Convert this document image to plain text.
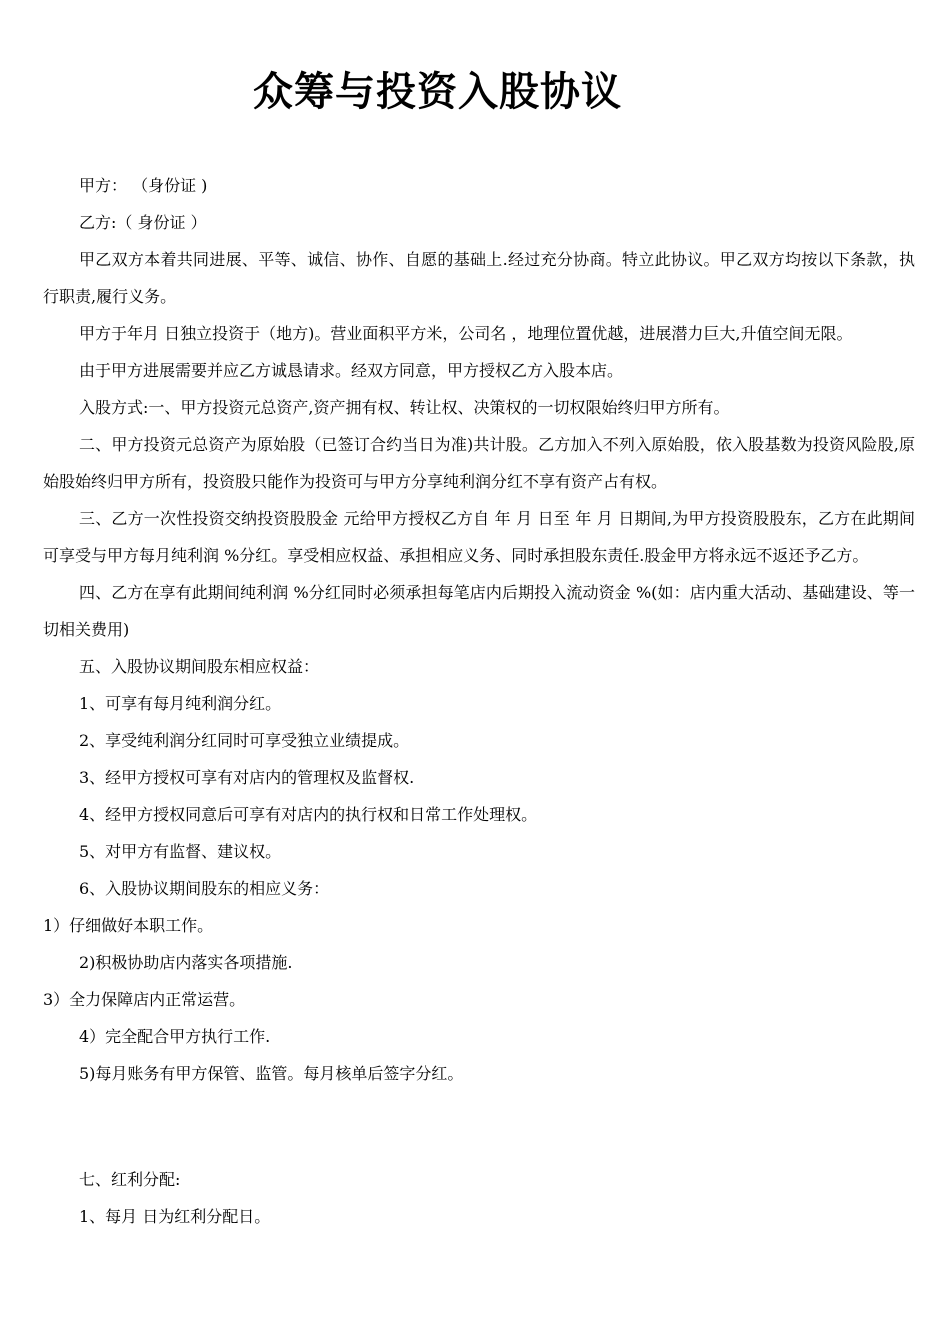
众筹与投资入股协议

甲方： （身份证 )

乙方:（ 身份证 ）

甲乙双方本着共同进展、平等、诚信、协作、自愿的基础上.经过充分协商。特立此协议。甲乙双方均按以下条款，执行职责,履行义务。

甲方于年月 日独立投资于（地方)。营业面积平方米，公司名 ，地理位置优越，进展潜力巨大,升值空间无限。

由于甲方进展需要并应乙方诚恳请求。经双方同意，甲方授权乙方入股本店。

入股方式:一、甲方投资元总资产,资产拥有权、转让权、决策权的一切权限始终归甲方所有。

二、甲方投资元总资产为原始股（已签订合约当日为准)共计股。乙方加入不列入原始股，依入股基数为投资风险股,原始股始终归甲方所有，投资股只能作为投资可与甲方分享纯利润分红不享有资产占有权。

三、乙方一次性投资交纳投资股股金 元给甲方授权乙方自 年 月 日至 年 月 日期间,为甲方投资股股东，乙方在此期间可享受与甲方每月纯利润 %分红。享受相应权益、承担相应义务、同时承担股东责任.股金甲方将永远不返还予乙方。

四、乙方在享有此期间纯利润 %分红同时必须承担每笔店内后期投入流动资金 %(如：店内重大活动、基础建设、等一切相关费用)

五、入股协议期间股东相应权益：

1、可享有每月纯利润分红。

2、享受纯利润分红同时可享受独立业绩提成。

3、经甲方授权可享有对店内的管理权及监督权.

4、经甲方授权同意后可享有对店内的执行权和日常工作处理权。

5、对甲方有监督、建议权。

6、入股协议期间股东的相应义务：

1）仔细做好本职工作。

2)积极协助店内落实各项措施.

3）全力保障店内正常运营。

4）完全配合甲方执行工作.

5)每月账务有甲方保管、监管。每月核单后签字分红。

七、红利分配:

1、每月 日为红利分配日。
